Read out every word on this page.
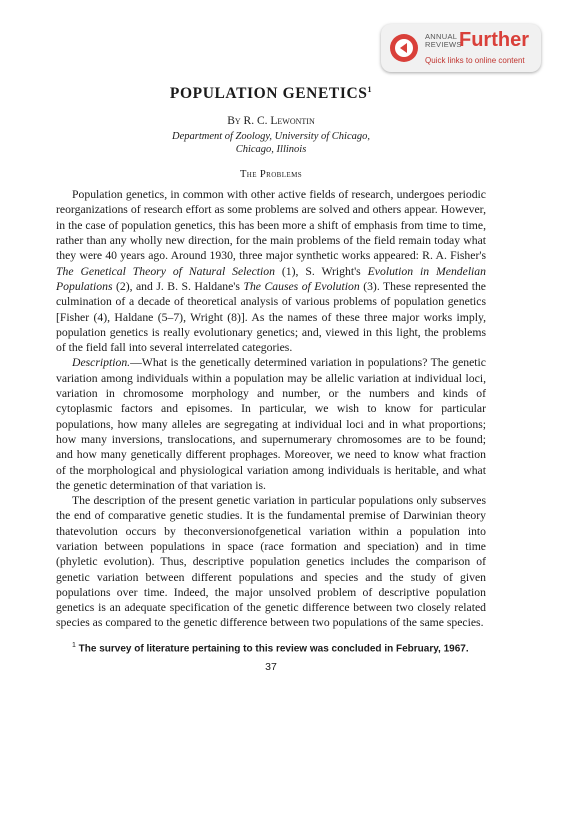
ANNUAL
REVIEWS
Further
Quick links to online content
POPULATION GENETICS$^1$
By R. C. Lewontin
Department of Zoology, University of Chicago,
Chicago, Illinois
The Problems

Population genetics, in common with other active fields of research, undergoes periodic reorganizations of research effort as some problems are solved and others appear. However, in the case of population genetics, this has been more a shift of emphasis from time to time, rather than any wholly new direction, for the main problems of the field remain today what they were 40 years ago. Around 1930, three major synthetic works appeared: R. A. Fisher's The Genetical Theory of Natural Selection (1), S. Wright's Evolution in Mendelian Populations (2), and J. B. S. Haldane's The Causes of Evolution (3). These represented the culmination of a decade of theoretical analysis of various problems of population genetics [Fisher (4), Haldane (5–7), Wright (8)]. As the names of these three major works imply, population genetics is really evolutionary genetics; and, viewed in this light, the problems of the field fall into several interrelated categories.

Description.—What is the genetically determined variation in populations? The genetic variation among individuals within a population may be allelic variation at individual loci, variation in chromosome morphology and number, or the numbers and kinds of cytoplasmic factors and episomes. In particular, we wish to know for particular populations, how many alleles are segregating at individual loci and in what proportions; how many inversions, translocations, and supernumerary chromosomes are to be found; and how many genetically different prophages. Moreover, we need to know what fraction of the morphological and physiological variation among individuals is heritable, and what the genetic determination of that variation is.

The description of the present genetic variation in particular populations only subserves the end of comparative genetic studies. It is the fundamental premise of Darwinian theory thatevolution occurs by theconversionofgenetical variation within a population into variation between populations in space (race formation and speciation) and in time (phyletic evolution). Thus, descriptive population genetics includes the comparison of genetic variation between different populations and species and the study of given populations over time. Indeed, the major unsolved problem of descriptive population genetics is an adequate specification of the genetic difference between two closely related species as compared to the genetic difference between two populations of the same species.

$^1$ The survey of literature pertaining to this review was concluded in February, 1967.
37
